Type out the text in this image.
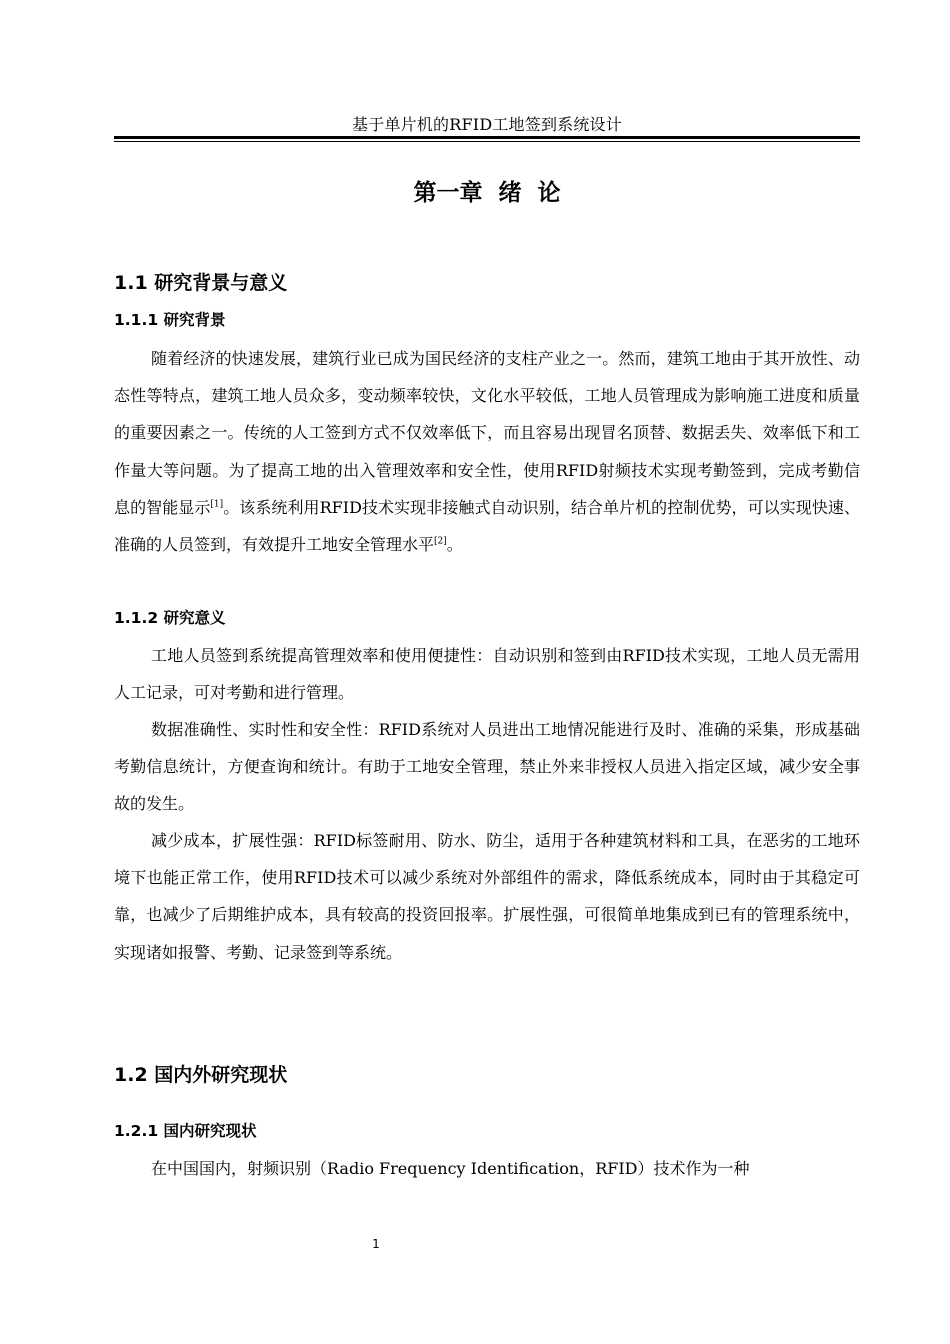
基于单片机的RFID工地签到系统设计
第一章  绪  论
1.1 研究背景与意义
1.1.1 研究背景
随着经济的快速发展，建筑行业已成为国民经济的支柱产业之一。然而，建筑工地由于其开放性、动态性等特点，建筑工地人员众多，变动频率较快，文化水平较低，工地人员管理成为影响施工进度和质量的重要因素之一。传统的人工签到方式不仅效率低下，而且容易出现冒名顶替、数据丢失、效率低下和工作量大等问题。为了提高工地的出入管理效率和安全性，使用RFID射频技术实现考勤签到，完成考勤信息的智能显示[1]。该系统利用RFID技术实现非接触式自动识别，结合单片机的控制优势，可以实现快速、准确的人员签到，有效提升工地安全管理水平[2]。
1.1.2 研究意义
工地人员签到系统提高管理效率和使用便捷性：自动识别和签到由RFID技术实现，工地人员无需用人工记录，可对考勤和进行管理。
数据准确性、实时性和安全性：RFID系统对人员进出工地情况能进行及时、准确的采集，形成基础考勤信息统计，方便查询和统计。有助于工地安全管理，禁止外来非授权人员进入指定区域，减少安全事故的发生。
减少成本，扩展性强：RFID标签耐用、防水、防尘，适用于各种建筑材料和工具，在恶劣的工地环境下也能正常工作，使用RFID技术可以减少系统对外部组件的需求，降低系统成本，同时由于其稳定可靠，也减少了后期维护成本，具有较高的投资回报率。扩展性强，可很简单地集成到已有的管理系统中，实现诸如报警、考勤、记录签到等系统。
1.2 国内外研究现状
1.2.1 国内研究现状
在中国国内，射频识别（Radio Frequency Identification，RFID）技术作为一种
1
